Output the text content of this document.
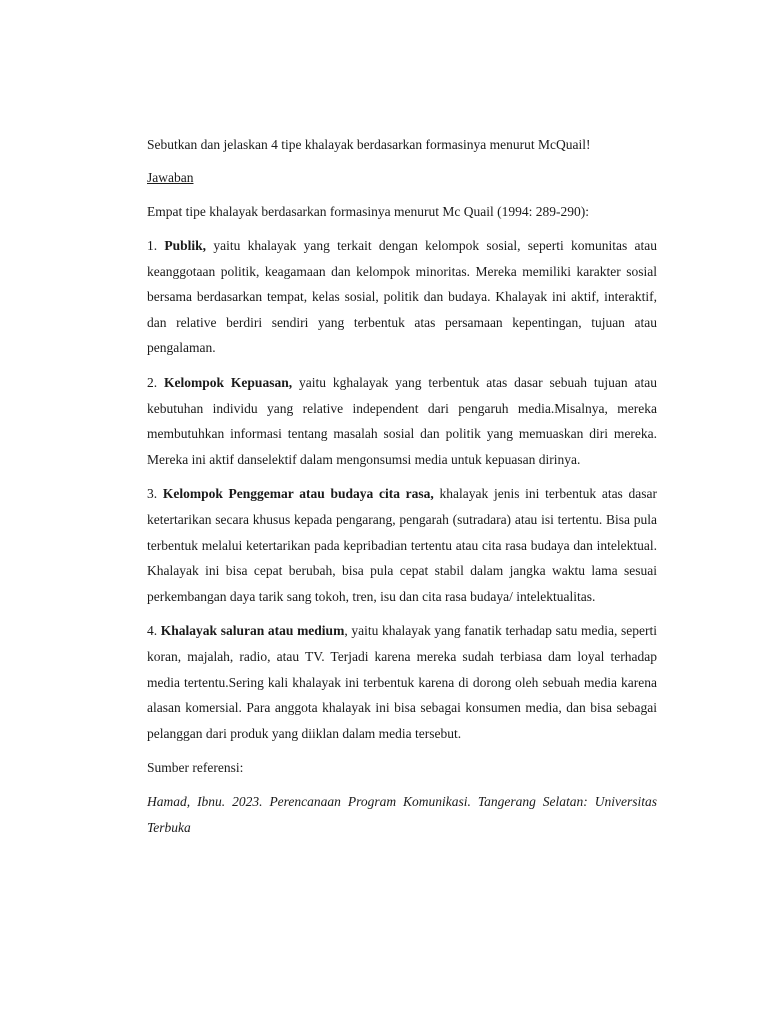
Sebutkan dan jelaskan 4 tipe khalayak berdasarkan formasinya menurut McQuail!

Jawaban

Empat tipe khalayak berdasarkan formasinya menurut Mc Quail (1994: 289-290):

1. Publik, yaitu khalayak yang terkait dengan kelompok sosial, seperti komunitas atau keanggotaan politik, keagamaan dan kelompok minoritas. Mereka memiliki karakter sosial bersama berdasarkan tempat, kelas sosial, politik dan budaya. Khalayak ini aktif, interaktif, dan relative berdiri sendiri yang terbentuk atas persamaan kepentingan, tujuan atau pengalaman.

2. Kelompok Kepuasan, yaitu kghalayak yang terbentuk atas dasar sebuah tujuan atau kebutuhan individu yang relative independent dari pengaruh media.Misalnya, mereka membutuhkan informasi tentang masalah sosial dan politik yang memuaskan diri mereka. Mereka ini aktif danselektif dalam mengonsumsi media untuk kepuasan dirinya.

3. Kelompok Penggemar atau budaya cita rasa, khalayak jenis ini terbentuk atas dasar ketertarikan secara khusus kepada pengarang, pengarah (sutradara) atau isi tertentu. Bisa pula terbentuk melalui ketertarikan pada kepribadian tertentu atau cita rasa budaya dan intelektual. Khalayak ini bisa cepat berubah, bisa pula cepat stabil dalam jangka waktu lama sesuai perkembangan daya tarik sang tokoh, tren, isu dan cita rasa budaya/ intelektualitas.

4. Khalayak saluran atau medium, yaitu khalayak yang fanatik terhadap satu media, seperti koran, majalah, radio, atau TV. Terjadi karena mereka sudah terbiasa dam loyal terhadap media tertentu.Sering kali khalayak ini terbentuk karena di dorong oleh sebuah media karena alasan komersial. Para anggota khalayak ini bisa sebagai konsumen media, dan bisa sebagai pelanggan dari produk yang diiklan dalam media tersebut.

Sumber referensi:

Hamad, Ibnu. 2023. Perencanaan Program Komunikasi. Tangerang Selatan: Universitas Terbuka
